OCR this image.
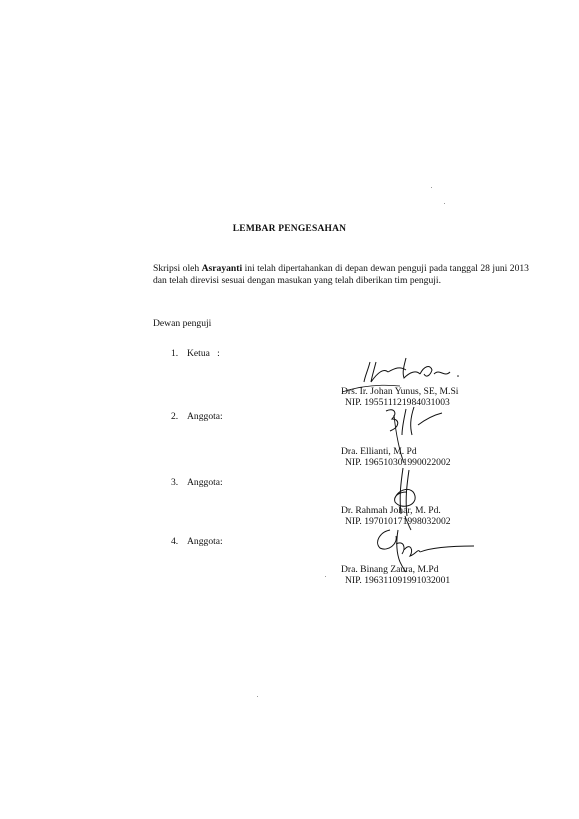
LEMBAR PENGESAHAN
Skripsi oleh Asrayanti ini telah dipertahankan di depan dewan penguji pada tanggal 28 juni 2013 dan telah direvisi sesuai dengan masukan yang telah diberikan tim penguji.
Dewan penguji
1. Ketua   :
Drs. Ir. Johan Yunus, SE, M.Si
NIP. 195511121984031003
2. Anggota:
Dra. Ellianti, M. Pd
NIP. 196510301990022002
3. Anggota:
Dr. Rahmah Johar, M. Pd.
NIP. 197010171998032002
4. Anggota:
Dra. Binang Zaura, M.Pd
NIP. 196311091991032001
